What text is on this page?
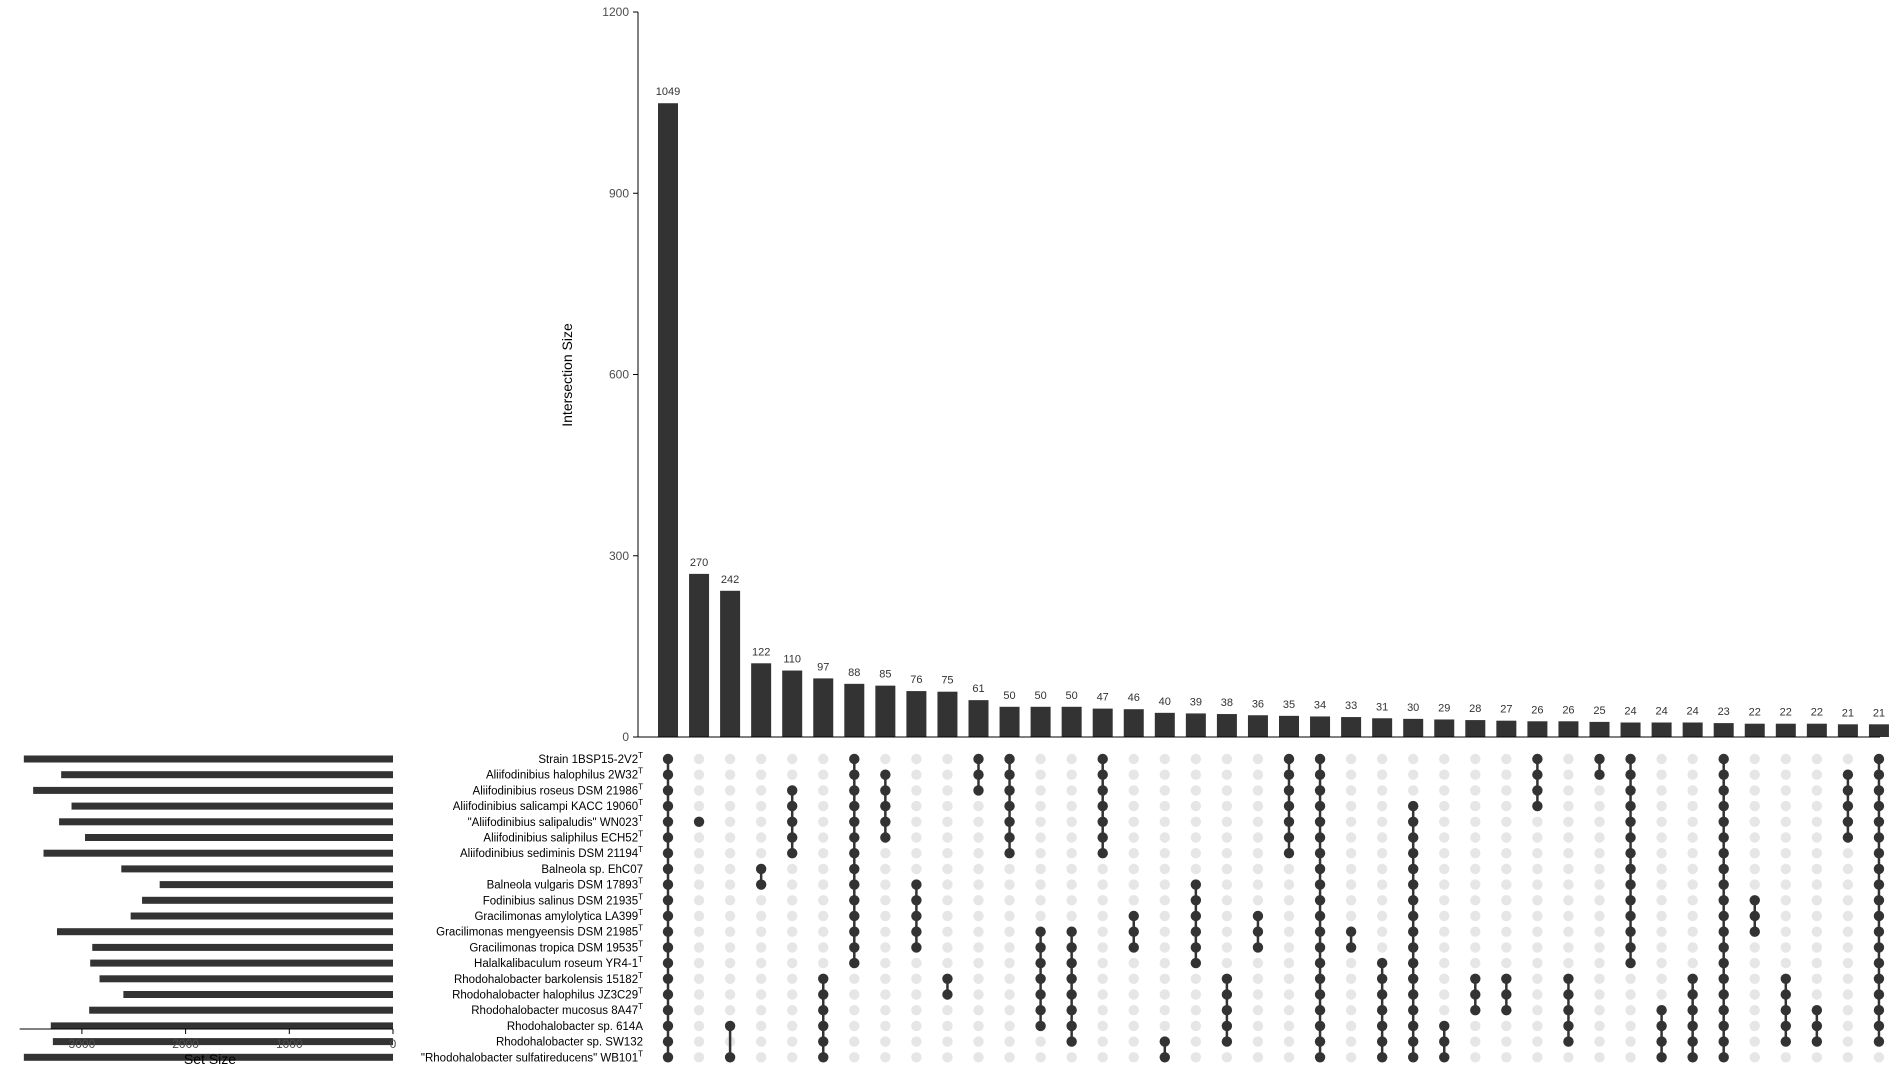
1049
270
242
122
110
97 88 85 76 75
61
50 50 50 47 46 40 39 38 36 35 34 33 31 30 29 28 27 26 26 25 24 24 24 23 22 22 22 21 21
0
300
600
900
1200
Intersection Size
Strain $1BSP15-2V2^T$
Aliifodinibius halophilus $2W32^T$
Aliifodinibius roseus DSM $21986^T$
Aliifodinibius salicampi KACC $19060^T$
"Aliifodinibius salipaludis" $WN023^T$
Aliifodinibius saliphilus $ECH52^T$
Aliifodinibius sediminis DSM $21194^T$
Balneola sp. EhC07
Balneola vulgaris DSM $17893^T$
Fodinibius salinus DSM $21935^T$
Gracilimonas amylolytica $LA399^T$
Gracilimonas mengyeensis DSM $21985^T$
Gracilimonas tropica DSM $19535^T$
Halalkalibaculum roseum $YR4-1^T$
Rhodohalobacter barkolensis $15182^T$
Rhodohalobacter halophilus $JZ3C29^T$
Rhodohalobacter mucosus $8A47^T$
Rhodohalobacter sp. 614A
Rhodohalobacter sp. SW132
"Rhodohalobacter sulfatireducens" $WB101^T$
3000	2000	1000	0
Set Size
